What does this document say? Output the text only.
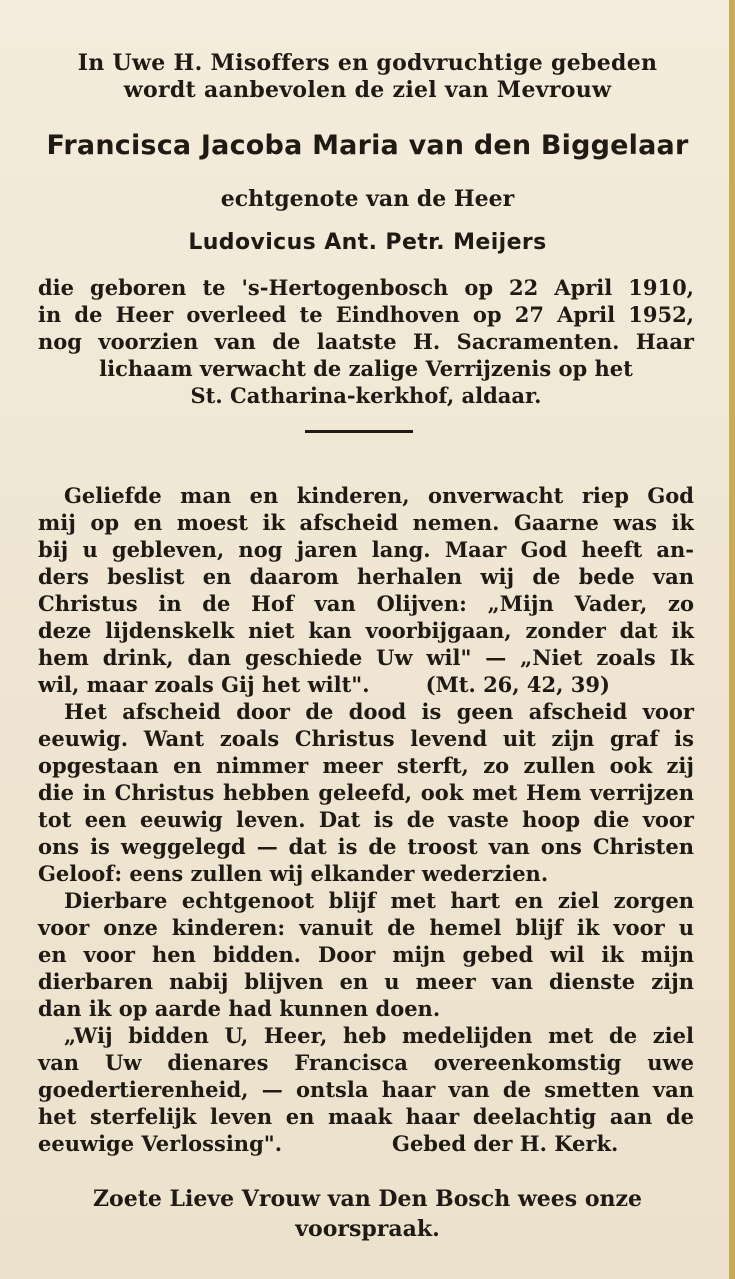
In Uwe H. Misoffers en godvruchtige gebeden
wordt aanbevolen de ziel van Mevrouw
Francisca Jacoba Maria van den Biggelaar
echtgenote van de Heer
Ludovicus Ant. Petr. Meijers
die geboren te 's-Hertogenbosch op 22 April 1910,
in de Heer overleed te Eindhoven op 27 April 1952,
nog voorzien van de laatste H. Sacramenten. Haar
lichaam verwacht de zalige Verrijzenis op het
St. Catharina-kerkhof, aldaar.
Geliefde man en kinderen, onverwacht riep God
mij op en moest ik afscheid nemen. Gaarne was ik
bij u gebleven, nog jaren lang. Maar God heeft an-
ders beslist en daarom herhalen wij de bede van
Christus in de Hof van Olijven: „Mijn Vader, zo
deze lijdenskelk niet kan voorbijgaan, zonder dat ik
hem drink, dan geschiede Uw wil" — „Niet zoals Ik
wil, maar zoals Gij het wilt".	(Mt. 26, 42, 39)
Het afscheid door de dood is geen afscheid voor
eeuwig. Want zoals Christus levend uit zijn graf is
opgestaan en nimmer meer sterft, zo zullen ook zij
die in Christus hebben geleefd, ook met Hem verrijzen
tot een eeuwig leven. Dat is de vaste hoop die voor
ons is weggelegd — dat is de troost van ons Christen
Geloof: eens zullen wij elkander wederzien.
Dierbare echtgenoot blijf met hart en ziel zorgen
voor onze kinderen: vanuit de hemel blijf ik voor u
en voor hen bidden. Door mijn gebed wil ik mijn
dierbaren nabij blijven en u meer van dienste zijn
dan ik op aarde had kunnen doen.
„Wij bidden U, Heer, heb medelijden met de ziel
van Uw dienares Francisca overeenkomstig uwe
goedertierenheid, — ontsla haar van de smetten van
het sterfelijk leven en maak haar deelachtig aan de
eeuwige Verlossing".	Gebed der H. Kerk.
Zoete Lieve Vrouw van Den Bosch wees onze
voorspraak.
